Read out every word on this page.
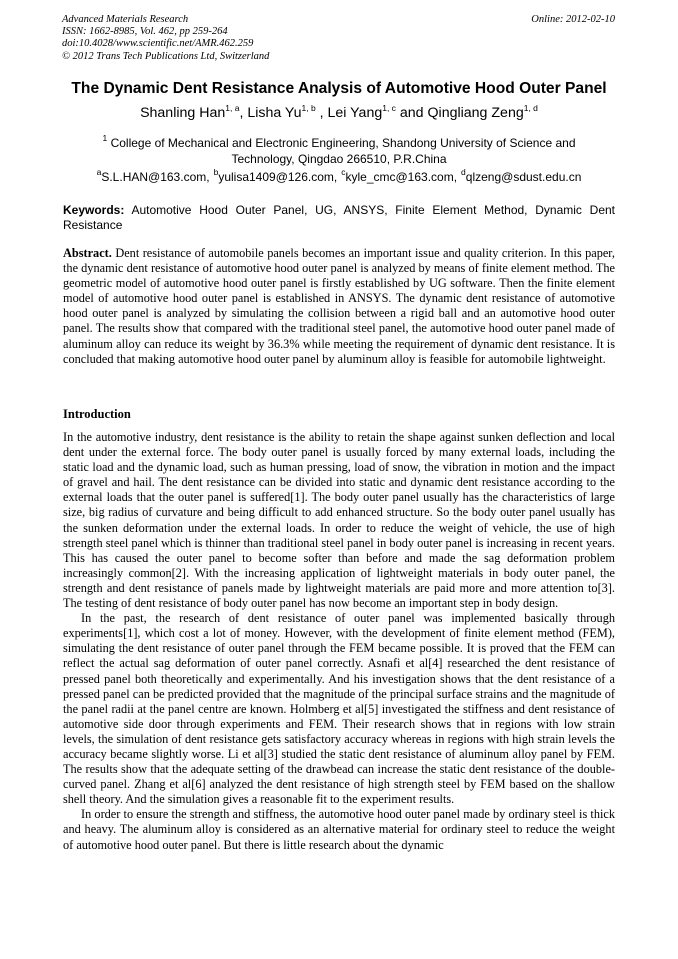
Advanced Materials Research
ISSN: 1662-8985, Vol. 462, pp 259-264
doi:10.4028/www.scientific.net/AMR.462.259
© 2012 Trans Tech Publications Ltd, Switzerland
Online: 2012-02-10
The Dynamic Dent Resistance Analysis of Automotive Hood Outer Panel
Shanling Han$^{1, a}$, Lisha Yu$^{1, b}$ , Lei Yang$^{1, c}$ and Qingliang Zeng$^{1, d}$
$^1$ College of Mechanical and Electronic Engineering, Shandong University of Science and Technology, Qingdao 266510, P.R.China
$^a$S.L.HAN@163.com, $^b$yulisa1409@126.com, $^c$kyle_cmc@163.com, $^d$qlzeng@sdust.edu.cn
Keywords: Automotive Hood Outer Panel, UG, ANSYS, Finite Element Method, Dynamic Dent Resistance
Abstract. Dent resistance of automobile panels becomes an important issue and quality criterion. In this paper, the dynamic dent resistance of automotive hood outer panel is analyzed by means of finite element method. The geometric model of automotive hood outer panel is firstly established by UG software. Then the finite element model of automotive hood outer panel is established in ANSYS. The dynamic dent resistance of automotive hood outer panel is analyzed by simulating the collision between a rigid ball and an automotive hood outer panel. The results show that compared with the traditional steel panel, the automotive hood outer panel made of aluminum alloy can reduce its weight by 36.3% while meeting the requirement of dynamic dent resistance. It is concluded that making automotive hood outer panel by aluminum alloy is feasible for automobile lightweight.
Introduction

In the automotive industry, dent resistance is the ability to retain the shape against sunken deflection and local dent under the external force. The body outer panel is usually forced by many external loads, including the static load and the dynamic load, such as human pressing, load of snow, the vibration in motion and the impact of gravel and hail. The dent resistance can be divided into static and dynamic dent resistance according to the external loads that the outer panel is suffered[1]. The body outer panel usually has the characteristics of large size, big radius of curvature and being difficult to add enhanced structure. So the body outer panel usually has the sunken deformation under the external loads. In order to reduce the weight of vehicle, the use of high strength steel panel which is thinner than traditional steel panel in body outer panel is increasing in recent years. This has caused the outer panel to become softer than before and made the sag deformation problem increasingly common[2]. With the increasing application of lightweight materials in body outer panel, the strength and dent resistance of panels made by lightweight materials are paid more and more attention to[3]. The testing of dent resistance of body outer panel has now become an important step in body design.

In the past, the research of dent resistance of outer panel was implemented basically through experiments[1], which cost a lot of money. However, with the development of finite element method (FEM), simulating the dent resistance of outer panel through the FEM became possible. It is proved that the FEM can reflect the actual sag deformation of outer panel correctly. Asnafi et al[4] researched the dent resistance of pressed panel both theoretically and experimentally. And his investigation shows that the dent resistance of a pressed panel can be predicted provided that the magnitude of the principal surface strains and the magnitude of the panel radii at the panel centre are known. Holmberg et al[5] investigated the stiffness and dent resistance of automotive side door through experiments and FEM. Their research shows that in regions with low strain levels, the simulation of dent resistance gets satisfactory accuracy whereas in regions with high strain levels the accuracy became slightly worse. Li et al[3] studied the static dent resistance of aluminum alloy panel by FEM. The results show that the adequate setting of the drawbead can increase the static dent resistance of the double-curved panel. Zhang et al[6] analyzed the dent resistance of high strength steel by FEM based on the shallow shell theory. And the simulation gives a reasonable fit to the experiment results.

In order to ensure the strength and stiffness, the automotive hood outer panel made by ordinary steel is thick and heavy. The aluminum alloy is considered as an alternative material for ordinary steel to reduce the weight of automotive hood outer panel. But there is little research about the dynamic
